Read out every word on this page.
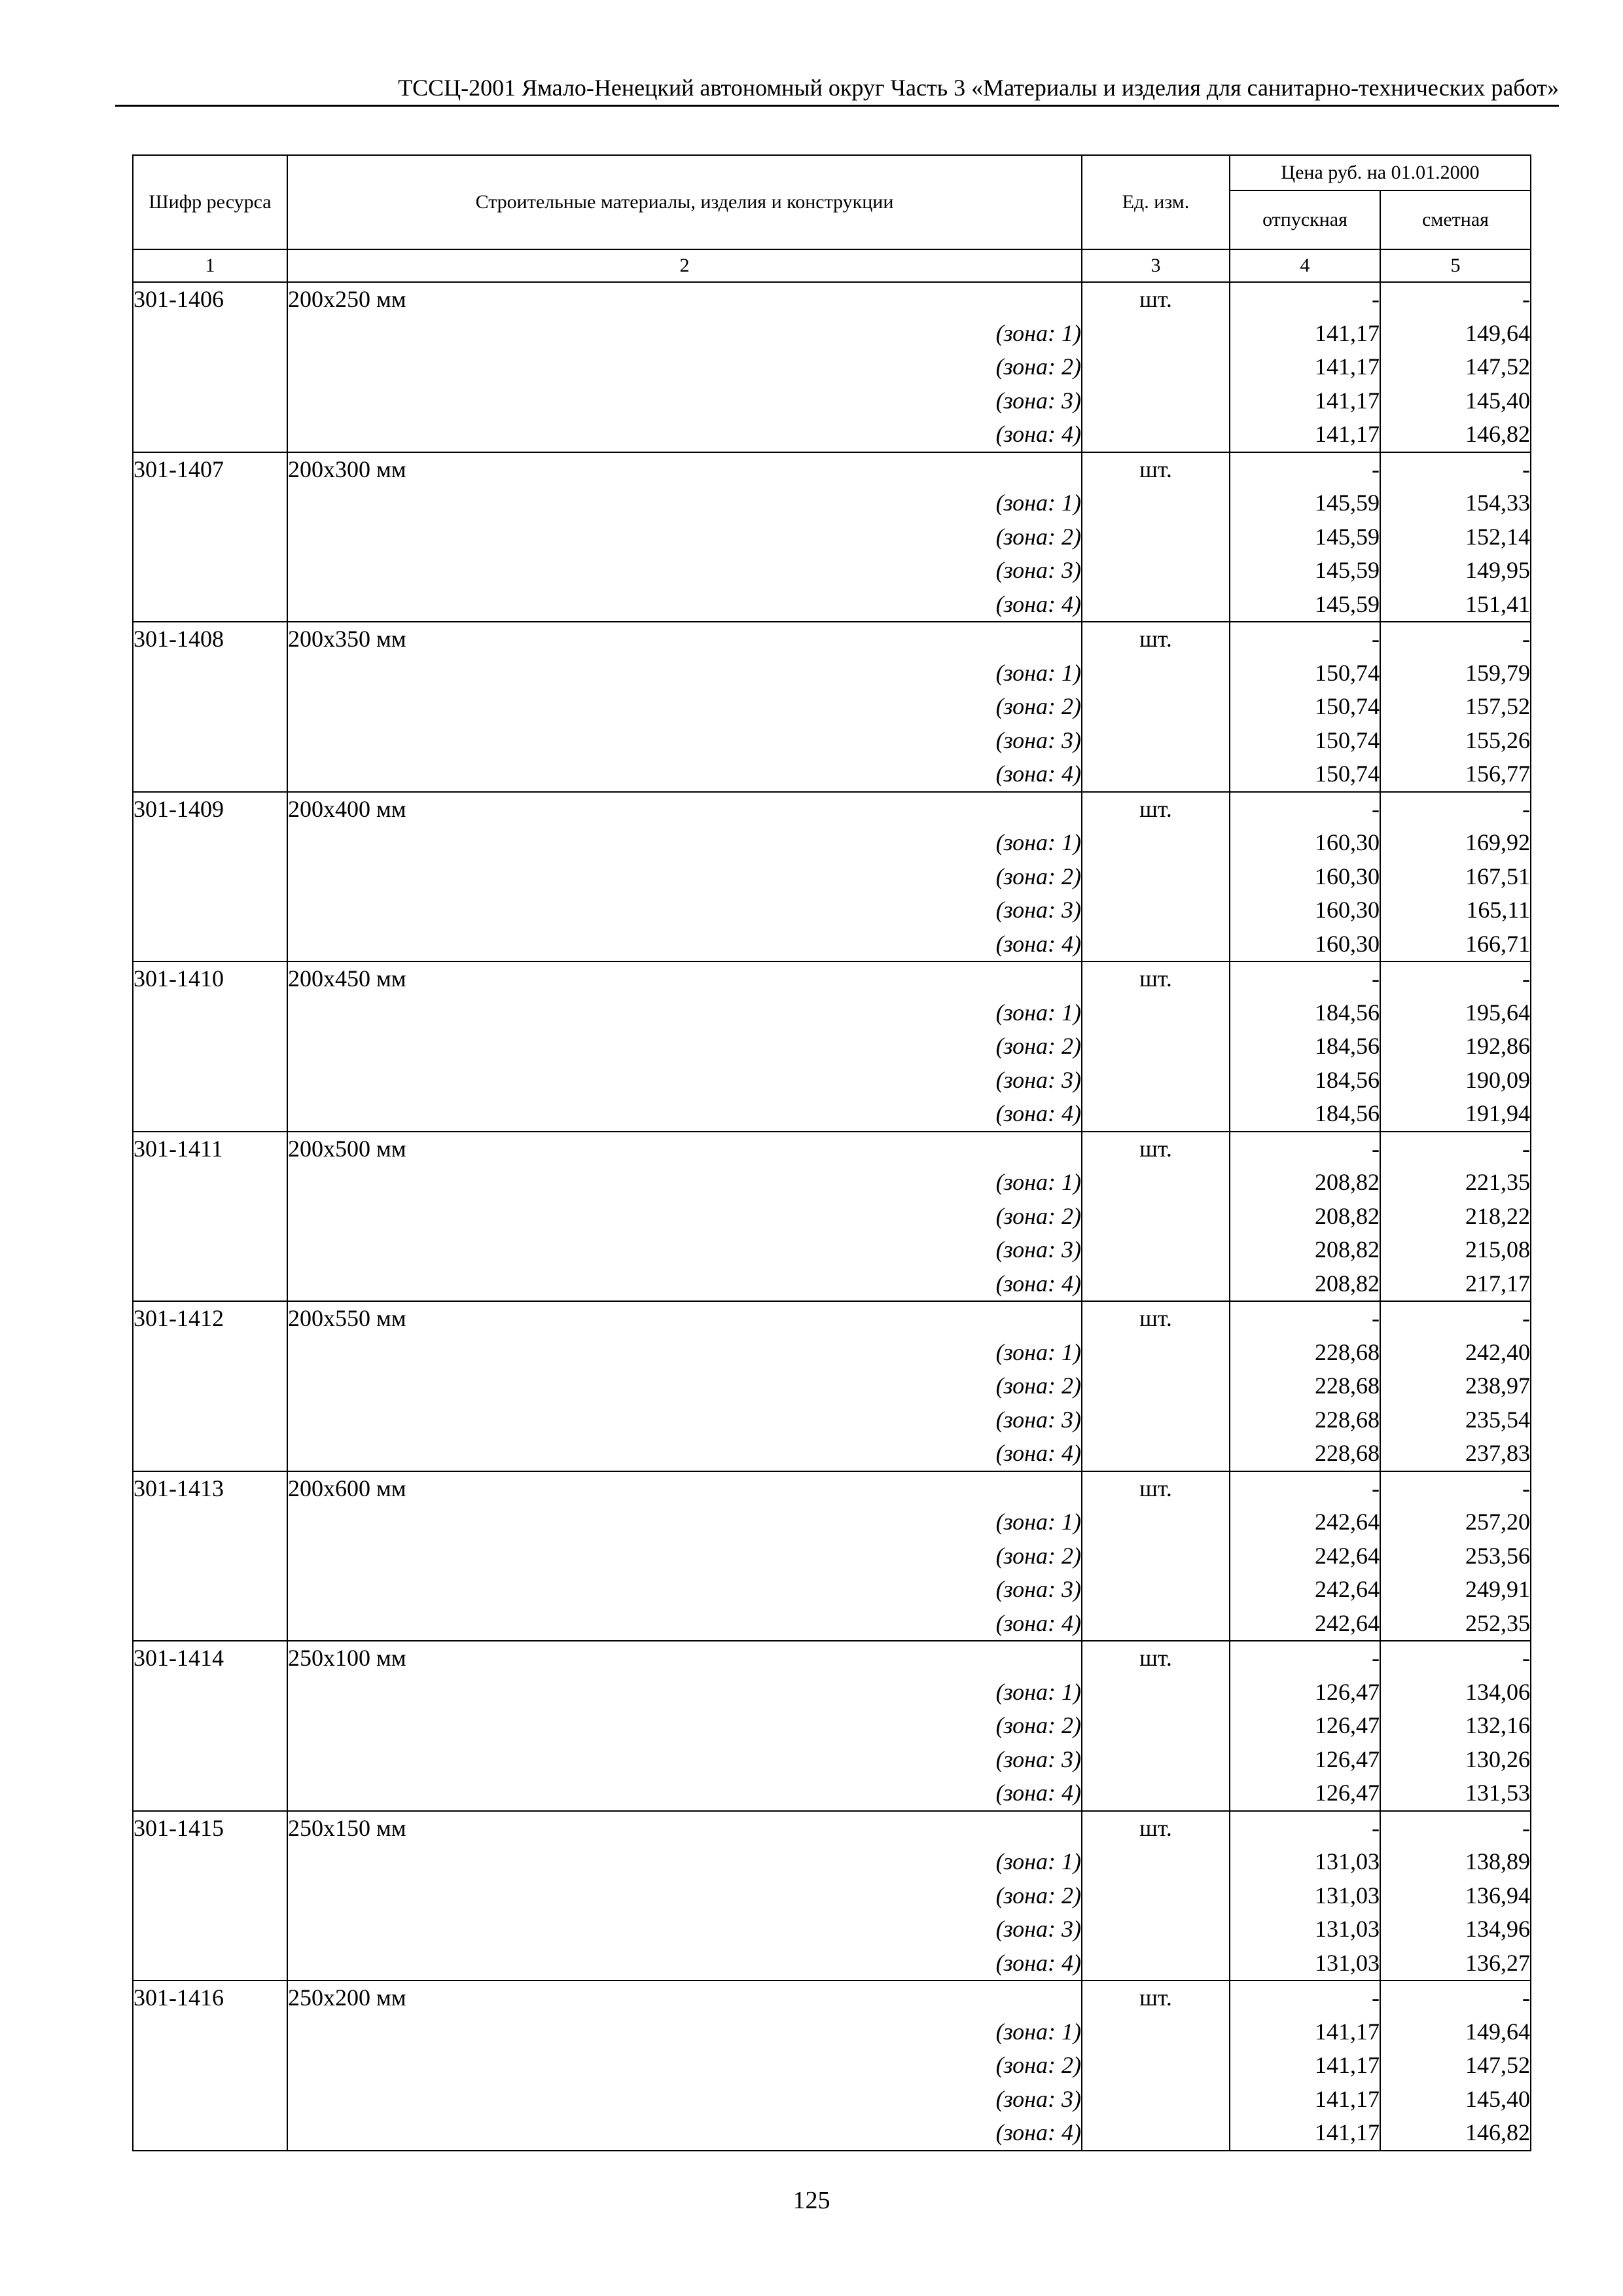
ТССЦ-2001 Ямало-Ненецкий автономный округ Часть 3 «Материалы и изделия для санитарно-технических работ»
Шифр ресурса	Строительные материалы, изделия и конструкции	Ед. изм.	Цена руб. на 01.01.2000	
			отпускная	сметная
1	2	3	4	5
301-1406	200x250 мм	шт.	-	-
	(зона: 1)		141,17	149,64
	(зона: 2)		141,17	147,52
	(зона: 3)		141,17	145,40
	(зона: 4)		141,17	146,82
301-1407	200x300 мм	шт.	-	-
	(зона: 1)		145,59	154,33
	(зона: 2)		145,59	152,14
	(зона: 3)		145,59	149,95
	(зона: 4)		145,59	151,41
301-1408	200x350 мм	шт.	-	-
	(зона: 1)		150,74	159,79
	(зона: 2)		150,74	157,52
	(зона: 3)		150,74	155,26
	(зона: 4)		150,74	156,77
301-1409	200x400 мм	шт.	-	-
	(зона: 1)		160,30	169,92
	(зона: 2)		160,30	167,51
	(зона: 3)		160,30	165,11
	(зона: 4)		160,30	166,71
301-1410	200x450 мм	шт.	-	-
	(зона: 1)		184,56	195,64
	(зона: 2)		184,56	192,86
	(зона: 3)		184,56	190,09
	(зона: 4)		184,56	191,94
301-1411	200x500 мм	шт.	-	-
	(зона: 1)		208,82	221,35
	(зона: 2)		208,82	218,22
	(зона: 3)		208,82	215,08
	(зона: 4)		208,82	217,17
301-1412	200x550 мм	шт.	-	-
	(зона: 1)		228,68	242,40
	(зона: 2)		228,68	238,97
	(зона: 3)		228,68	235,54
	(зона: 4)		228,68	237,83
301-1413	200x600 мм	шт.	-	-
	(зона: 1)		242,64	257,20
	(зона: 2)		242,64	253,56
	(зона: 3)		242,64	249,91
	(зона: 4)		242,64	252,35
301-1414	250x100 мм	шт.	-	-
	(зона: 1)		126,47	134,06
	(зона: 2)		126,47	132,16
	(зона: 3)		126,47	130,26
	(зона: 4)		126,47	131,53
301-1415	250x150 мм	шт.	-	-
	(зона: 1)		131,03	138,89
	(зона: 2)		131,03	136,94
	(зона: 3)		131,03	134,96
	(зона: 4)		131,03	136,27
301-1416	250x200 мм	шт.	-	-
	(зона: 1)		141,17	149,64
	(зона: 2)		141,17	147,52
	(зона: 3)		141,17	145,40
	(зона: 4)		141,17	146,82
125
